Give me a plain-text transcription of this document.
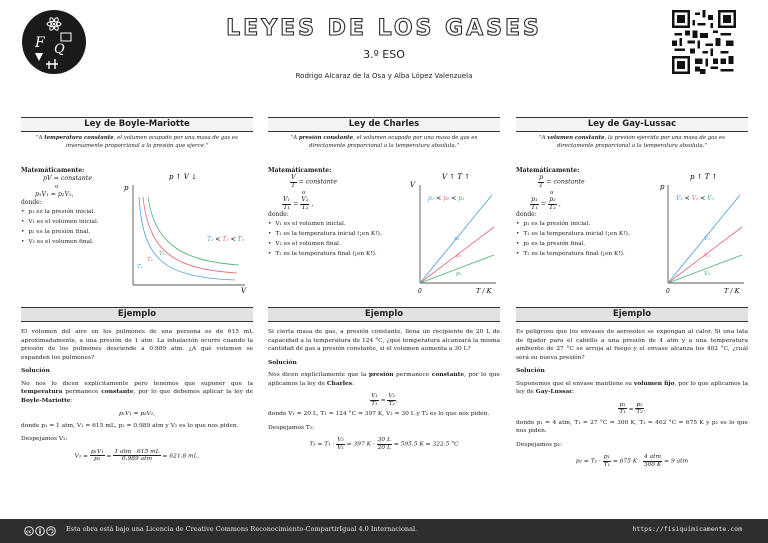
F Q
LEYES DE LOS GASES
3.º ESO
Rodrigo Alcaraz de la Osa y Alba López Valenzuela
Ley de Boyle-Mariotte
"A temperatura constante, el volumen ocupado por una masa de gas es inversamente proporcional a la presión que ejerce."
Matemáticamente:
pV = constante
o
p₁V₁ = p₂V₂,
donde:
• p₁ es la presión inicial.
• V₁ es el volumen inicial.
• p₂ es la presión final.
• V₂ es el volumen final.
p ↑ V ↓
p
V
T₁
T₂
T₃
T₁ < T₂ < T₃
Ejemplo

El volumen del aire en los pulmones de una persona es de 615 mL aproximadamente, a una presión de 1 atm. La inhalación ocurre cuando la presión de los pulmones desciende a 0.989 atm. ¿A qué volumen se expanden los pulmones?

Solución

No nos lo dicen explícitamente pero tenemos que suponer que la temperatura permanece constante, por lo que debemos aplicar la ley de Boyle-Mariotte:

p₁V₁ = p₂V₂,

donde p₁ = 1 atm, V₁ = 615 mL, p₂ = 0.989 atm y V₂ es lo que nos piden.

Despejamos V₂:

$V_2 = \frac{\text{p₁V₁}}{\text{p₂}} = \frac{\text{1 atm · 615 mL}}{\text{0.989 atm}} = 621.8$ mL.
Ley de Charles
"A presión constante, el volumen ocupado por una masa de gas es directamente proporcional a la temperatura absoluta."
Matemáticamente:
$\frac{V}{T}$ = constante
o
$\frac{\text{V₁}}{\text{T₁}} = \frac{\text{V₂}}{\text{T₂}}$ ,
donde:
• V₁ es el volumen inicial.
• T₁ es la temperatura inicial (¡en K!).
• V₂ es el volumen final.
• T₂ es la temperatura final (¡en K!).
V ↑ T ↑
V
T / K
0
p₁
p₂
p₃
p₁ < p₂ < p₃
Ejemplo

Si cierta masa de gas, a presión constante, llena un recipiente de 20 L de capacidad a la temperatura de 124 °C, ¿qué temperatura alcanzará la misma cantidad de gas a presión constante, si el volumen aumenta a 30 L?

Solución

Nos dicen explícitamente que la presión permanece constante, por lo que aplicamos la ley de Charles:

$\frac{\text{V₁}}{\text{T₁}} = \frac{\text{V₂}}{\text{T₂}}$ ,

donde V₁ = 20 L, T₁ = 124 °C = 397 K, V₂ = 30 L y T₂ es lo que nos piden.

Despejamos T₂:

$T_2 = T_1 \cdot \frac{\text{V₂}}{\text{V₁}} = 397$ $K \cdot \frac{30 L}{20 L} = 595.5$ K = 322.5 °C
Ley de Gay-Lussac
"A volumen constante, la presión ejercida por una masa de gas es directamente proporcional a la temperatura absoluta."
Matemáticamente:
$\frac{p}{T}$ = constante
o
$\frac{\text{p₁}}{\text{T₁}} = \frac{\text{p₂}}{\text{T₂}}$ ,
donde:
• p₁ es la presión inicial.
• T₁ es la temperatura inicial (¡en K!).
• p₂ es la presión final.
• T₂ es la temperatura final (¡en K!).
p ↑ T ↑
p
T / K
0
V₁
V₂
V₃
V₁ < V₂ < V₃
Ejemplo

Es peligroso que los envases de aerosoles se expongan al calor. Si una lata de fijador para el cabello a una presión de 4 atm y a una temperatura ambiente de 27 °C se arroja al fuego y el envase alcanza los 402 °C, ¿cuál será su nueva presión?

Solución

Suponemos que el envase mantiene su volumen fijo, por lo que aplicamos la ley de Gay-Lussac:

$\frac{\text{p₁}}{\text{T₁}} = \frac{\text{p₂}}{\text{T₂}}$ ,

donde p₁ = 4 atm, T₁ = 27 °C = 300 K, T₂ = 402 °C = 675 K y p₂ es lo que nos piden.

Despejamos p₂:

$p_2 = T_2 \cdot \frac{\text{p₁}}{\text{T₁}} = 675$ $K \cdot \frac{\text{4 atm}}{300 K} = 9$ atm
cc	Esta obra está bajo una Licencia de Creative Commons Reconocimiento-CompartirIgual 4.0 Internacional.	https://fisiquimicamente.com
